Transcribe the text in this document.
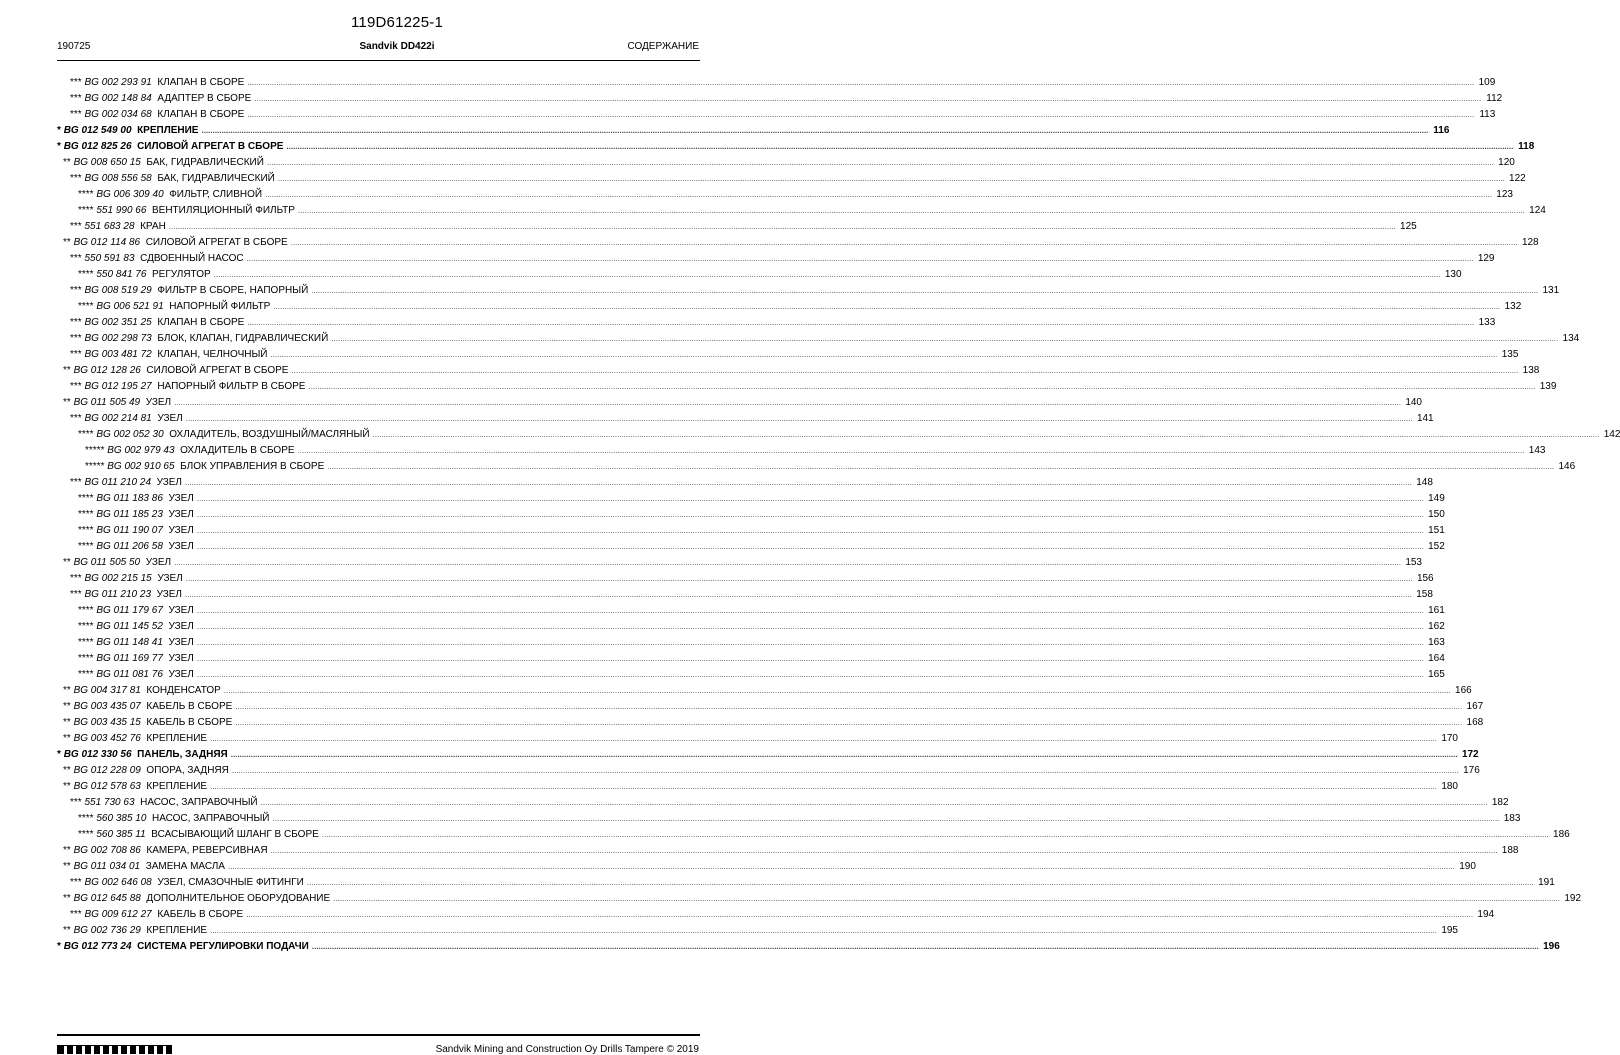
119D61225-1
190725	Sandvik DD422i	СОДЕРЖАНИЕ
*** BG 002 293 91 КЛАПАН В СБОРЕ .....	109
*** BG 002 148 84 АДАПТЕР В СБОРЕ .....	112
*** BG 002 034 68 КЛАПАН В СБОРЕ .....	113
* BG 012 549 00 КРЕПЛЕНИЕ .....	116
* BG 012 825 26 СИЛОВОЙ АГРЕГАТ В СБОРЕ .....	118
** BG 008 650 15 БАК, ГИДРАВЛИЧЕСКИЙ .....	120
*** BG 008 556 58 БАК, ГИДРАВЛИЧЕСКИЙ .....	122
**** BG 006 309 40 ФИЛЬТР, СЛИВНОЙ .....	123
**** 551 990 66 ВЕНТИЛЯЦИОННЫЙ ФИЛЬТР .....	124
*** 551 683 28 КРАН .....	125
** BG 012 114 86 СИЛОВОЙ АГРЕГАТ В СБОРЕ .....	128
*** 550 591 83 СДВОЕННЫЙ НАСОС .....	129
**** 550 841 76 РЕГУЛЯТОР .....	130
*** BG 008 519 29 ФИЛЬТР В СБОРЕ, НАПОРНЫЙ .....	131
**** BG 006 521 91 НАПОРНЫЙ ФИЛЬТР .....	132
*** BG 002 351 25 КЛАПАН В СБОРЕ .....	133
*** BG 002 298 73 БЛОК, КЛАПАН, ГИДРАВЛИЧЕСКИЙ .....	134
*** BG 003 481 72 КЛАПАН, ЧЕЛНОЧНЫЙ .....	135
** BG 012 128 26 СИЛОВОЙ АГРЕГАТ В СБОРЕ .....	138
*** BG 012 195 27 НАПОРНЫЙ ФИЛЬТР В СБОРЕ .....	139
** BG 011 505 49 УЗЕЛ .....	140
*** BG 002 214 81 УЗЕЛ .....	141
**** BG 002 052 30 ОХЛАДИТЕЛЬ, ВОЗДУШНЫЙ/МАСЛЯНЫЙ .....	142
***** BG 002 979 43 ОХЛАДИТЕЛЬ В СБОРЕ .....	143
***** BG 002 910 65 БЛОК УПРАВЛЕНИЯ В СБОРЕ .....	146
*** BG 011 210 24 УЗЕЛ .....	148
**** BG 011 183 86 УЗЕЛ .....	149
**** BG 011 185 23 УЗЕЛ .....	150
**** BG 011 190 07 УЗЕЛ .....	151
**** BG 011 206 58 УЗЕЛ .....	152
** BG 011 505 50 УЗЕЛ .....	153
*** BG 002 215 15 УЗЕЛ .....	156
*** BG 011 210 23 УЗЕЛ .....	158
**** BG 011 179 67 УЗЕЛ .....	161
**** BG 011 145 52 УЗЕЛ .....	162
**** BG 011 148 41 УЗЕЛ .....	163
**** BG 011 169 77 УЗЕЛ .....	164
**** BG 011 081 76 УЗЕЛ .....	165
** BG 004 317 81 КОНДЕНСАТОР .....	166
** BG 003 435 07 КАБЕЛЬ В СБОРЕ .....	167
** BG 003 435 15 КАБЕЛЬ В СБОРЕ .....	168
** BG 003 452 76 КРЕПЛЕНИЕ .....	170
* BG 012 330 56 ПАНЕЛЬ, ЗАДНЯЯ .....	172
** BG 012 228 09 ОПОРА, ЗАДНЯЯ .....	176
** BG 012 578 63 КРЕПЛЕНИЕ .....	180
*** 551 730 63 НАСОС, ЗАПРАВОЧНЫЙ .....	182
**** 560 385 10 НАСОС, ЗАПРАВОЧНЫЙ .....	183
**** 560 385 11 ВСАСЫВАЮЩИЙ ШЛАНГ В СБОРЕ .....	186
** BG 002 708 86 КАМЕРА, РЕВЕРСИВНАЯ .....	188
** BG 011 034 01 ЗАМЕНА МАСЛА .....	190
*** BG 002 646 08 УЗЕЛ, СМАЗОЧНЫЕ ФИТИНГИ .....	191
** BG 012 645 88 ДОПОЛНИТЕЛЬНОЕ ОБОРУДОВАНИЕ .....	192
*** BG 009 612 27 КАБЕЛЬ В СБОРЕ .....	194
** BG 002 736 29 КРЕПЛЕНИЕ .....	195
* BG 012 773 24 СИСТЕМА РЕГУЛИРОВКИ ПОДАЧИ .....	196
Sandvik Mining and Construction Oy Drills Tampere © 2019
